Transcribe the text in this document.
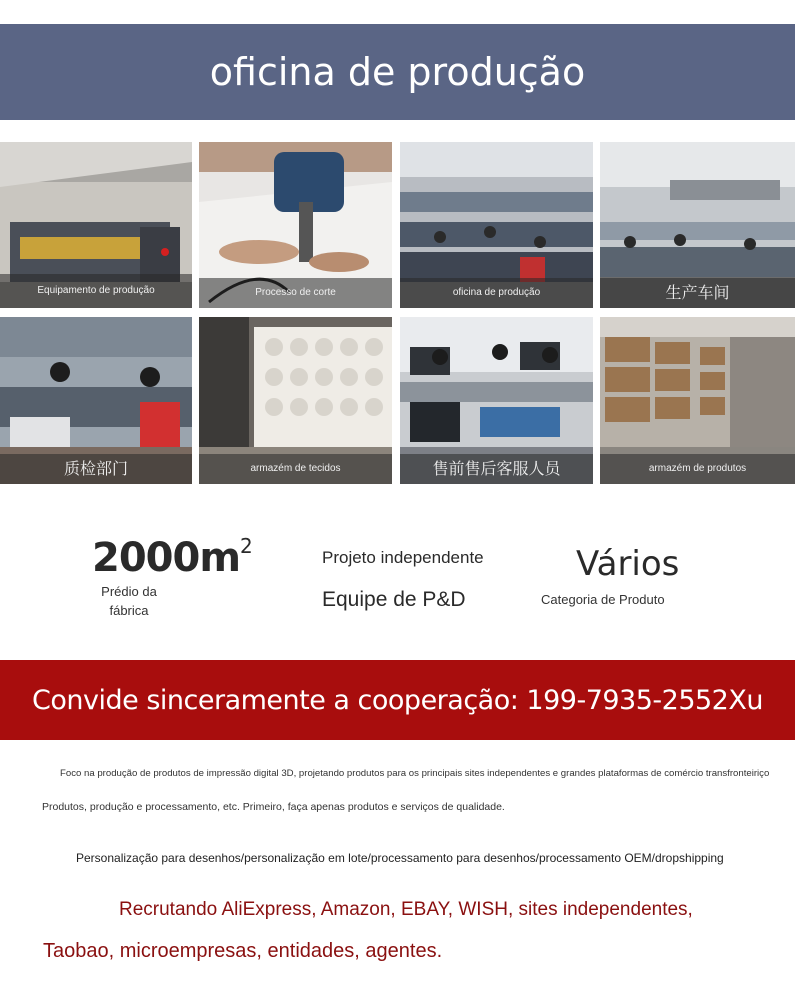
oficina de produção
Equipamento de produção	Processo de corte	oficina de produção	生产车间
质检部门	armazém de tecidos	售前售后客服人员	armazém de produtos
$2000m^2$
Prédio da fábrica
Projeto independente
Equipe de P&D
Vários
Categoria de Produto
Convide sinceramente a cooperação: 199-7935-2552Xu
Foco na produção de produtos de impressão digital 3D, projetando produtos para os principais sites independentes e grandes plataformas de comércio transfronteiriço
Produtos, produção e processamento, etc. Primeiro, faça apenas produtos e serviços de qualidade.
Personalização para desenhos/personalização em lote/processamento para desenhos/processamento OEM/dropshipping
Recrutando AliExpress, Amazon, EBAY, WISH, sites independentes,
Taobao, microempresas, entidades, agentes.
